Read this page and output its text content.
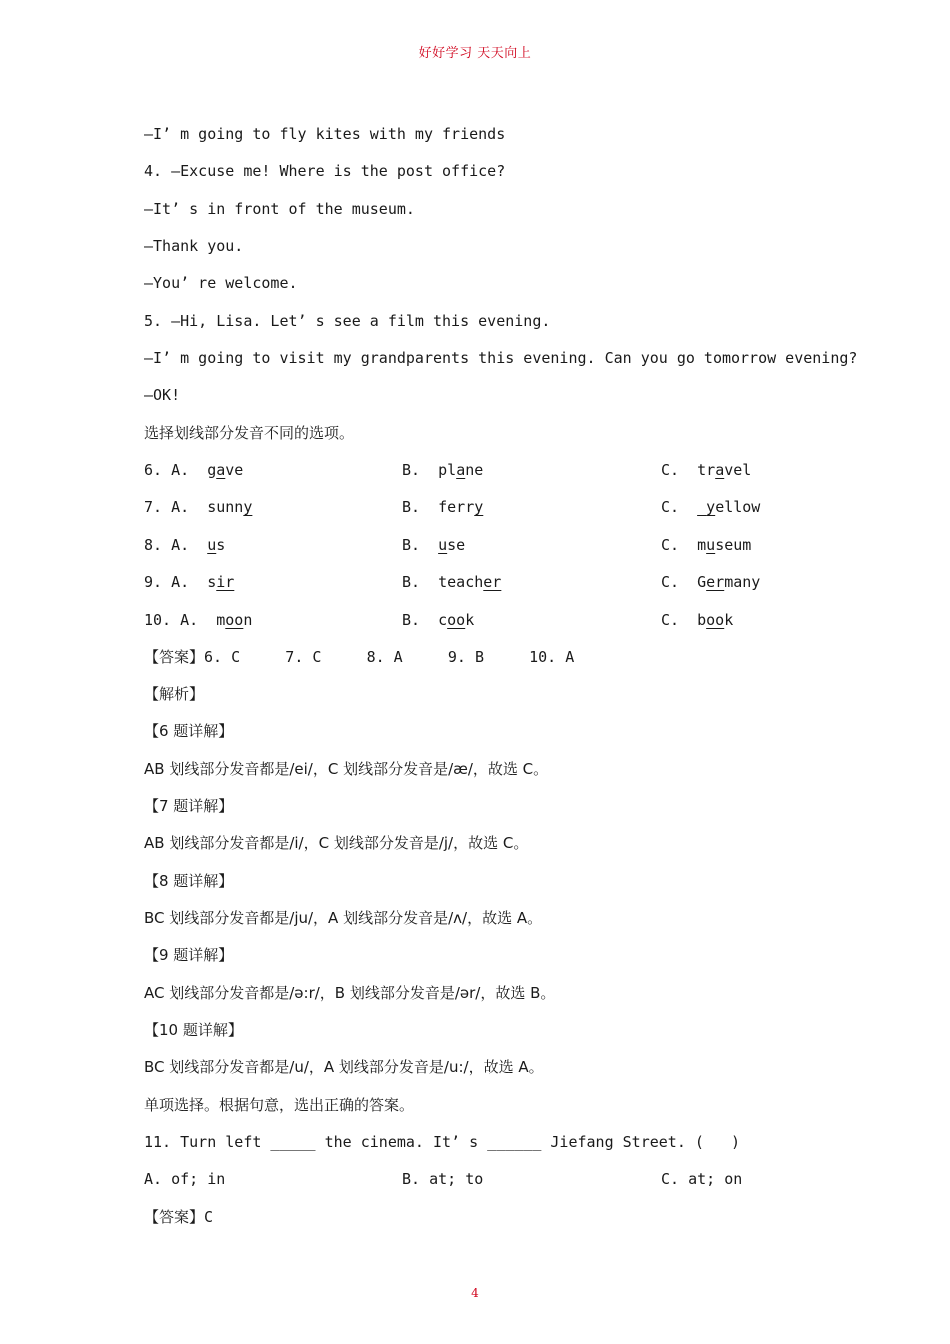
好好学习 天天向上
—I’ m going to fly kites with my friends
4. —Excuse me! Where is the post office?
—It’ s in front of the museum.
—Thank you.
—You’ re welcome.
5. —Hi, Lisa. Let’ s see a film this evening.
—I’ m going to visit my grandparents this evening. Can you go tomorrow evening?
—OK!
选择划线部分发音不同的选项。

6. A. gave

	B. plane

	C. travel

7. A. sunny

	B. ferry

	C. yellow

8. A. us

	B. use

	C. museum

9. A. sir

	B. teacher

	C. Germany

10. A. moon

	B. cook

	C. book

【答案】6. C     7. C     8. A     9. B     10. A
【解析】
【6 题详解】
AB 划线部分发音都是/ei/，C 划线部分发音是/æ/，故选 C。
【7 题详解】
AB 划线部分发音都是/i/，C 划线部分发音是/j/，故选 C。
【8 题详解】
BC 划线部分发音都是/ju/，A 划线部分发音是/ʌ/，故选 A。
【9 题详解】
AC 划线部分发音都是/ə:r/，B 划线部分发音是/ər/，故选 B。
【10 题详解】
BC 划线部分发音都是/u/，A 划线部分发音是/u:/，故选 A。
单项选择。根据句意，选出正确的答案。
11. Turn left _____ the cinema. It’ s ______ Jiefang Street. (   )

A. of; in

	B. at; to

	C. at; on

【答案】C
4
